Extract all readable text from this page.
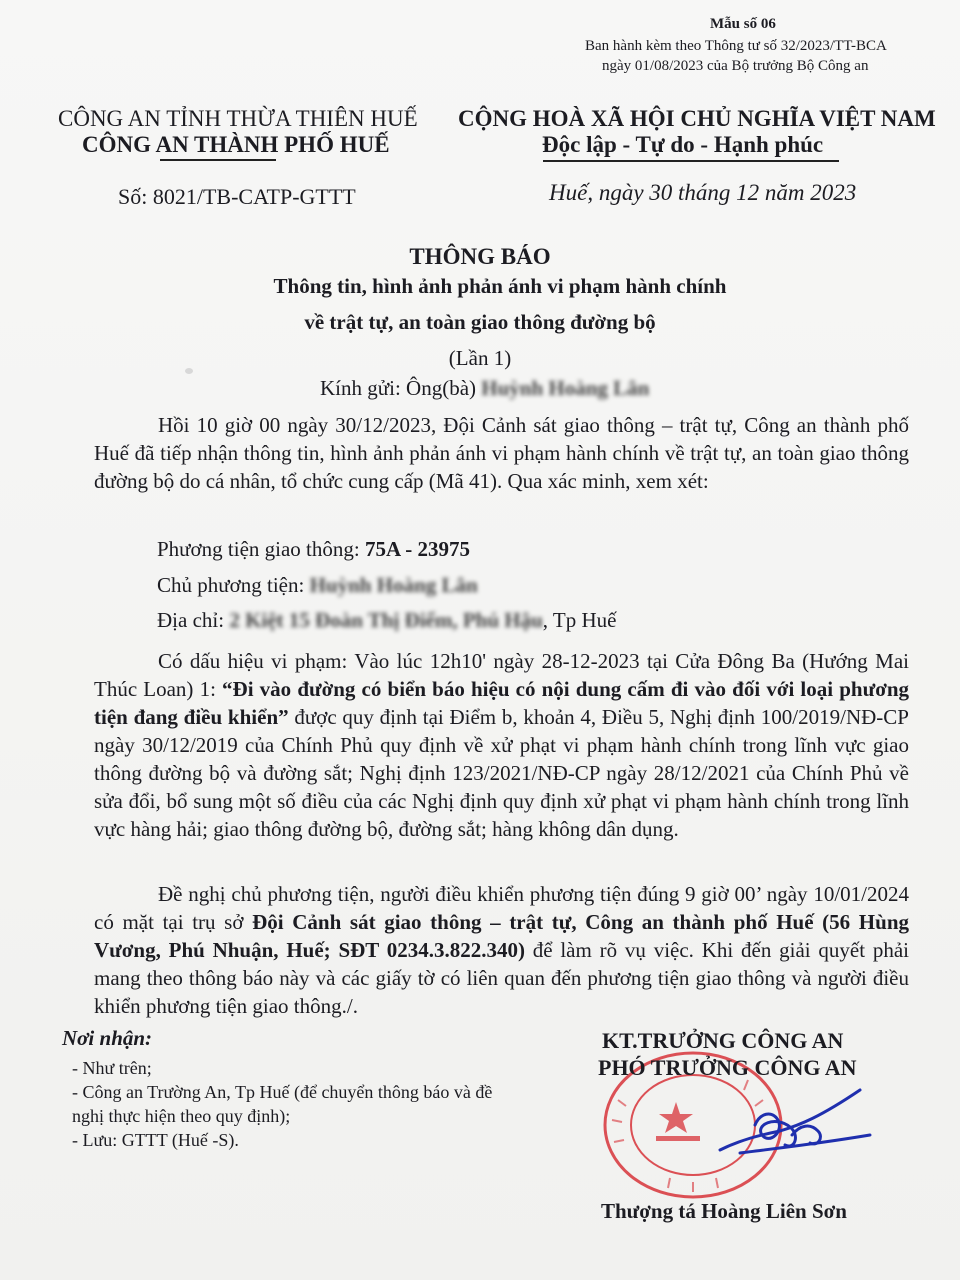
Mẫu số 06
Ban hành kèm theo Thông tư số 32/2023/TT-BCA
ngày 01/08/2023 của Bộ trưởng Bộ Công an
CÔNG AN TỈNH THỪA THIÊN HUẾ
CÔNG AN THÀNH PHỐ HUẾ
CỘNG HOÀ XÃ HỘI CHỦ NGHĨA VIỆT NAM
Độc lập - Tự do - Hạnh phúc
Số: 8021/TB-CATP-GTTT	Huế, ngày 30 tháng 12 năm 2023
THÔNG BÁO
Thông tin, hình ảnh phản ánh vi phạm hành chính
về trật tự, an toàn giao thông đường bộ
(Lần 1)
Kính gửi: Ông(bà) Huỳnh Hoàng Lân
Hồi 10 giờ 00 ngày 30/12/2023, Đội Cảnh sát giao thông – trật tự, Công an thành phố Huế đã tiếp nhận thông tin, hình ảnh phản ánh vi phạm hành chính về trật tự, an toàn giao thông đường bộ do cá nhân, tổ chức cung cấp (Mã 41). Qua xác minh, xem xét:
Phương tiện giao thông: 75A - 23975
Chủ phương tiện: Huỳnh Hoàng Lân
Địa chỉ: 2 Kiệt 15 Đoàn Thị Điểm, Phú Hậu, Tp Huế
Có dấu hiệu vi phạm: Vào lúc 12h10' ngày 28-12-2023 tại Cửa Đông Ba (Hướng Mai Thúc Loan) 1: “Đi vào đường có biển báo hiệu có nội dung cấm đi vào đối với loại phương tiện đang điều khiển” được quy định tại Điểm b, khoản 4, Điều 5, Nghị định 100/2019/NĐ-CP ngày 30/12/2019 của Chính Phủ quy định về xử phạt vi phạm hành chính trong lĩnh vực giao thông đường bộ và đường sắt; Nghị định 123/2021/NĐ-CP ngày 28/12/2021 của Chính Phủ về sửa đổi, bổ sung một số điều của các Nghị định quy định xử phạt vi phạm hành chính trong lĩnh vực hàng hải; giao thông đường bộ, đường sắt; hàng không dân dụng.
Đề nghị chủ phương tiện, người điều khiển phương tiện đúng 9 giờ 00’ ngày 10/01/2024 có mặt tại trụ sở Đội Cảnh sát giao thông – trật tự, Công an thành phố Huế (56 Hùng Vương, Phú Nhuận, Huế; SĐT 0234.3.822.340) để làm rõ vụ việc. Khi đến giải quyết phải mang theo thông báo này và các giấy tờ có liên quan đến phương tiện giao thông và người điều khiển phương tiện giao thông./.
Nơi nhận:
- Như trên;
- Công an Trường An, Tp Huế (để chuyển thông báo và đề nghị thực hiện theo quy định);
- Lưu: GTTT (Huế -S).
KT.TRƯỞNG CÔNG AN
PHÓ TRƯỞNG CÔNG AN
Thượng tá Hoàng Liên Sơn
